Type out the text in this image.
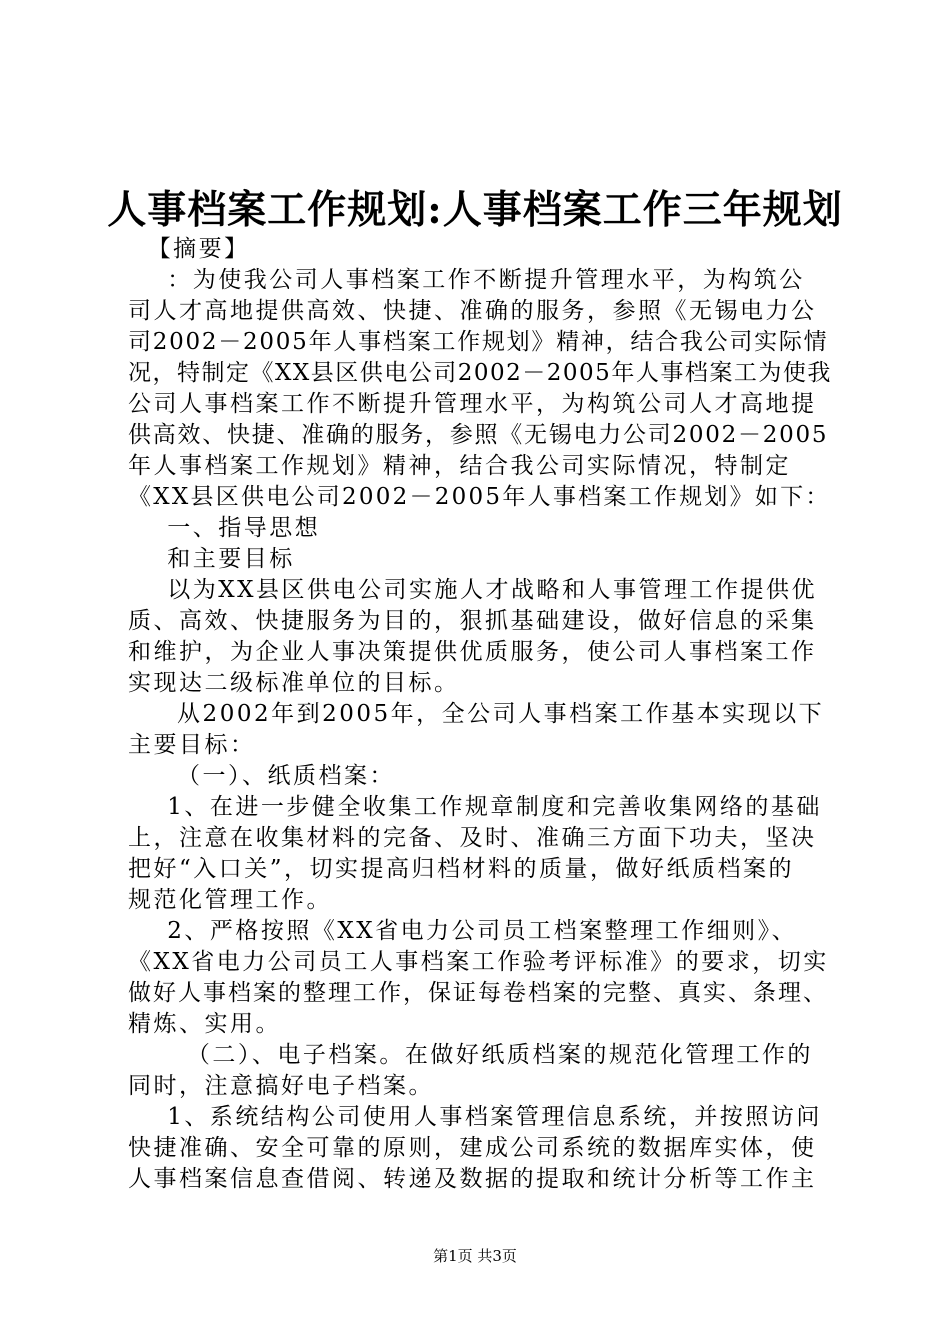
人事档案工作规划:人事档案工作三年规划
【摘要】
：为使我公司人事档案工作不断提升管理水平，为构筑公
司人才高地提供高效、快捷、准确的服务，参照《无锡电力公
司2002－2005年人事档案工作规划》精神，结合我公司实际情
况，特制定《XX县区供电公司2002－2005年人事档案工为使我
公司人事档案工作不断提升管理水平，为构筑公司人才高地提
供高效、快捷、准确的服务，参照《无锡电力公司2002－2005
年人事档案工作规划》精神，结合我公司实际情况，特制定
《XX县区供电公司2002－2005年人事档案工作规划》如下：
一、指导思想
和主要目标
以为XX县区供电公司实施人才战略和人事管理工作提供优
质、高效、快捷服务为目的，狠抓基础建设，做好信息的采集
和维护，为企业人事决策提供优质服务，使公司人事档案工作
实现达二级标准单位的目标。
从2002年到2005年，全公司人事档案工作基本实现以下
主要目标：
（一）、纸质档案：
1、在进一步健全收集工作规章制度和完善收集网络的基础
上，注意在收集材料的完备、及时、准确三方面下功夫，坚决
把好“入口关”，切实提高归档材料的质量，做好纸质档案的
规范化管理工作。
2、严格按照《XX省电力公司员工档案整理工作细则》、
《XX省电力公司员工人事档案工作验考评标准》的要求，切实
做好人事档案的整理工作，保证每卷档案的完整、真实、条理、
精炼、实用。
（二）、电子档案。在做好纸质档案的规范化管理工作的
同时，注意搞好电子档案。
1、系统结构公司使用人事档案管理信息系统，并按照访问
快捷准确、安全可靠的原则，建成公司系统的数据库实体，使
人事档案信息查借阅、转递及数据的提取和统计分析等工作主
第1页 共3页
